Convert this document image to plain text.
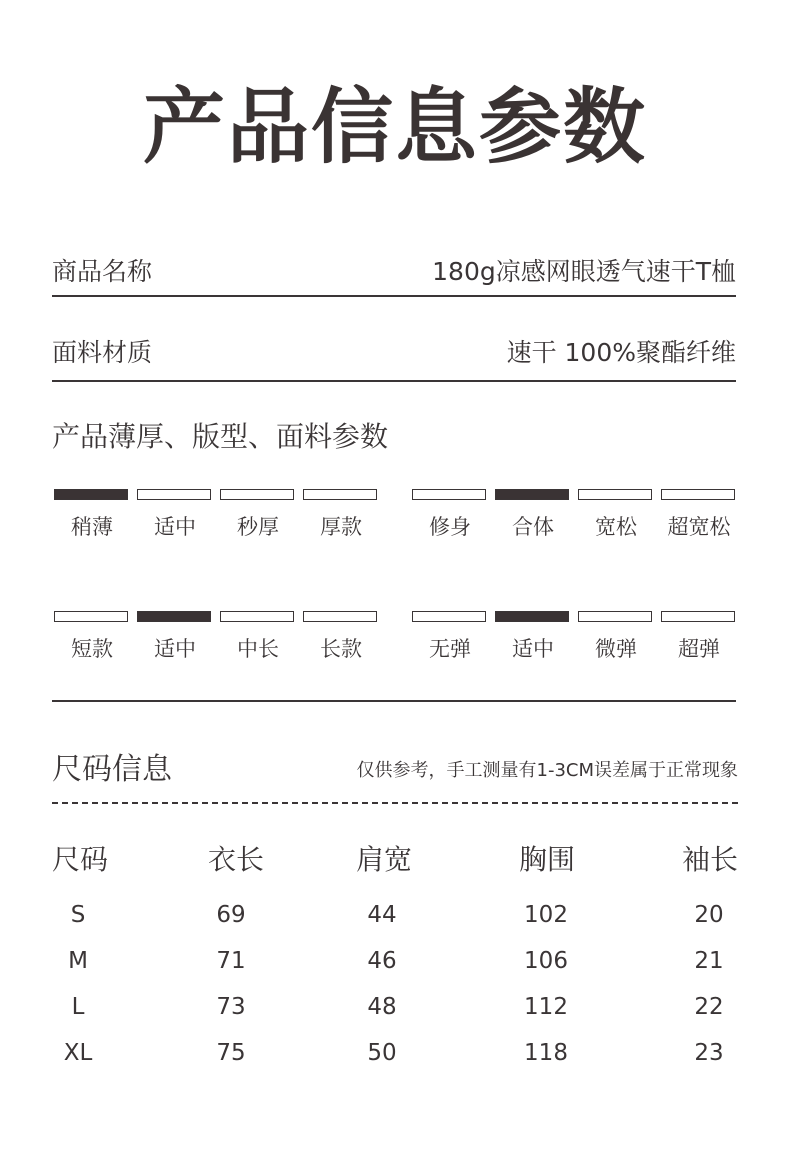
产品信息参数
商品名称	180g凉感网眼透气速干T桖
面料材质	速干 100%聚酯纤维
产品薄厚、版型、面料参数
稍薄	适中	秒厚	厚款	修身	合体	宽松	超宽松
短款	适中	中长	长款	无弹	适中	微弹	超弹
尺码信息	仅供参考，手工测量有1-3CM误差属于正常现象
尺码	衣长	肩宽	胸围	袖长
S	69	44	102	20
M	71	46	106	21
L	73	48	112	22
XL	75	50	118	23
